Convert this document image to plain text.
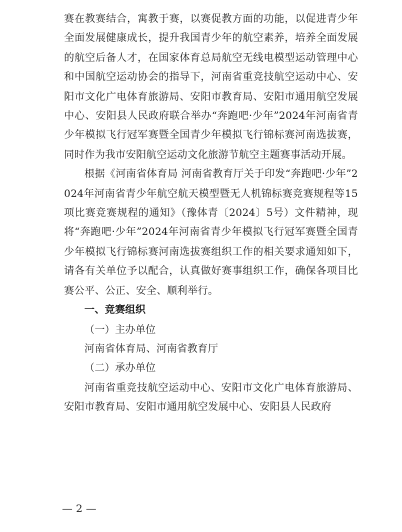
赛在教赛结合，寓教于赛，以赛促教方面的功能，以促进青少年全面发展健康成长，提升我国青少年的航空素养，培养全面发展的航空后备人才，在国家体育总局航空无线电模型运动管理中心和中国航空运动协会的指导下，河南省重竞技航空运动中心、安阳市文化广电体育旅游局、安阳市教育局、安阳市通用航空发展中心、安阳县人民政府联合举办“奔跑吧·少年”2024年河南省青少年模拟飞行冠军赛暨全国青少年模拟飞行锦标赛河南选拔赛，同时作为我市安阳航空运动文化旅游节航空主题赛事活动开展。

根据《河南省体育局 河南省教育厅关于印发“奔跑吧·少年”2024年河南省青少年航空航天模型暨无人机锦标赛竞赛规程等15项比赛竞赛规程的通知》（豫体青〔2024〕5号）文件精神，现将“奔跑吧·少年”2024年河南省青少年模拟飞行冠军赛暨全国青少年模拟飞行锦标赛河南选拔赛组织工作的相关要求通知如下，请各有关单位予以配合，认真做好赛事组织工作，确保各项目比赛公平、公正、安全、顺利举行。

一、竞赛组织

（一）主办单位

河南省体育局、河南省教育厅

（二）承办单位

河南省重竞技航空运动中心、安阳市文化广电体育旅游局、安阳市教育局、安阳市通用航空发展中心、安阳县人民政府

— 2 —
